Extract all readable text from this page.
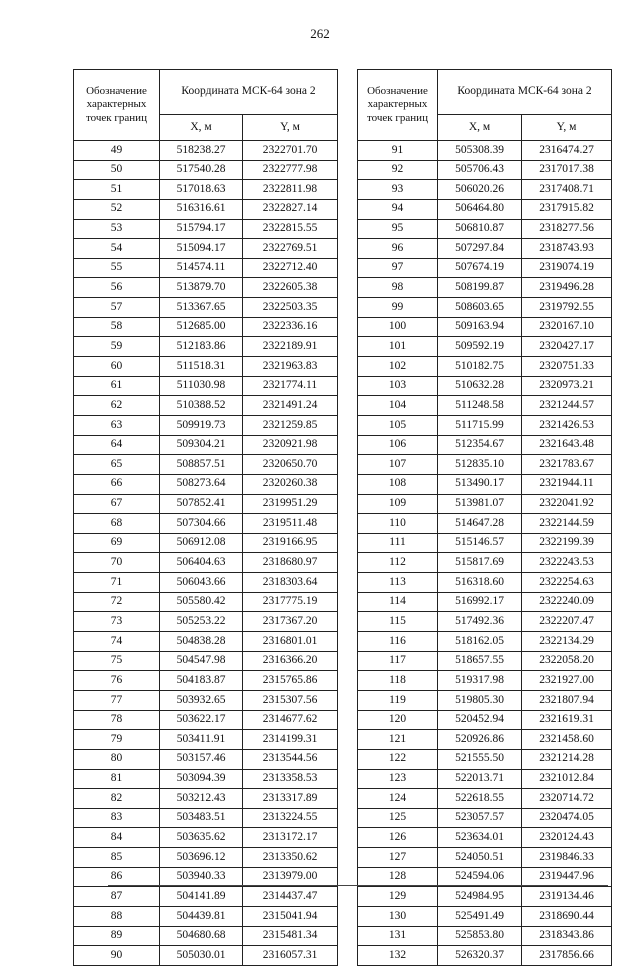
262
Обозначение характерных точек границ	Координата МСК-64 зона 2	
	X, м	Y, м
49	518238.27	2322701.70
50	517540.28	2322777.98
51	517018.63	2322811.98
52	516316.61	2322827.14
53	515794.17	2322815.55
54	515094.17	2322769.51
55	514574.11	2322712.40
56	513879.70	2322605.38
57	513367.65	2322503.35
58	512685.00	2322336.16
59	512183.86	2322189.91
60	511518.31	2321963.83
61	511030.98	2321774.11
62	510388.52	2321491.24
63	509919.73	2321259.85
64	509304.21	2320921.98
65	508857.51	2320650.70
66	508273.64	2320260.38
67	507852.41	2319951.29
68	507304.66	2319511.48
69	506912.08	2319166.95
70	506404.63	2318680.97
71	506043.66	2318303.64
72	505580.42	2317775.19
73	505253.22	2317367.20
74	504838.28	2316801.01
75	504547.98	2316366.20
76	504183.87	2315765.86
77	503932.65	2315307.56
78	503622.17	2314677.62
79	503411.91	2314199.31
80	503157.46	2313544.56
81	503094.39	2313358.53
82	503212.43	2313317.89
83	503483.51	2313224.55
84	503635.62	2313172.17
85	503696.12	2313350.62
86	503940.33	2313979.00
87	504141.89	2314437.47
88	504439.81	2315041.94
89	504680.68	2315481.34
90	505030.01	2316057.31
Обозначение характерных точек границ	Координата МСК-64 зона 2	
	X, м	Y, м
91	505308.39	2316474.27
92	505706.43	2317017.38
93	506020.26	2317408.71
94	506464.80	2317915.82
95	506810.87	2318277.56
96	507297.84	2318743.93
97	507674.19	2319074.19
98	508199.87	2319496.28
99	508603.65	2319792.55
100	509163.94	2320167.10
101	509592.19	2320427.17
102	510182.75	2320751.33
103	510632.28	2320973.21
104	511248.58	2321244.57
105	511715.99	2321426.53
106	512354.67	2321643.48
107	512835.10	2321783.67
108	513490.17	2321944.11
109	513981.07	2322041.92
110	514647.28	2322144.59
111	515146.57	2322199.39
112	515817.69	2322243.53
113	516318.60	2322254.63
114	516992.17	2322240.09
115	517492.36	2322207.47
116	518162.05	2322134.29
117	518657.55	2322058.20
118	519317.98	2321927.00
119	519805.30	2321807.94
120	520452.94	2321619.31
121	520926.86	2321458.60
122	521555.50	2321214.28
123	522013.71	2321012.84
124	522618.55	2320714.72
125	523057.57	2320474.05
126	523634.01	2320124.43
127	524050.51	2319846.33
128	524594.06	2319447.96
129	524984.95	2319134.46
130	525491.49	2318690.44
131	525853.80	2318343.86
132	526320.37	2317856.66
